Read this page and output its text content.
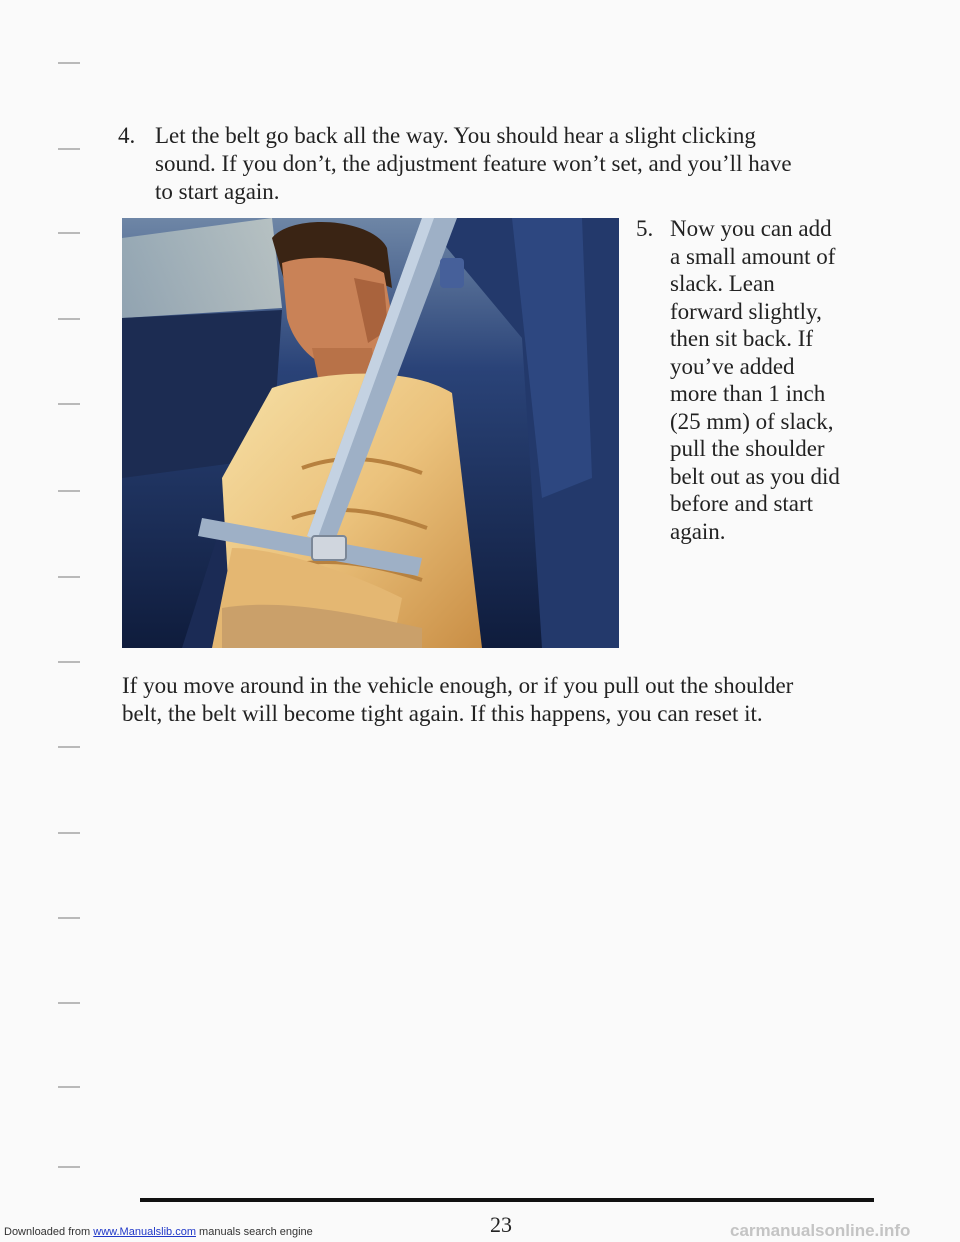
4. Let the belt go back all the way. You should hear a slight clicking
sound. If you don’t, the adjustment feature won’t set, and you’ll have
to start again.
5. Now you can add
a small amount of
slack. Lean
forward slightly,
then sit back. If
you’ve added
more than 1 inch
(25 mm) of slack,
pull the shoulder
belt out as you did
before and start
again.
If you move around in the vehicle enough, or if you pull out the shoulder
belt, the belt will become tight again. If this happens, you can reset it.
23
Downloaded from www.Manualslib.com manuals search engine	carmanualsonline.info
